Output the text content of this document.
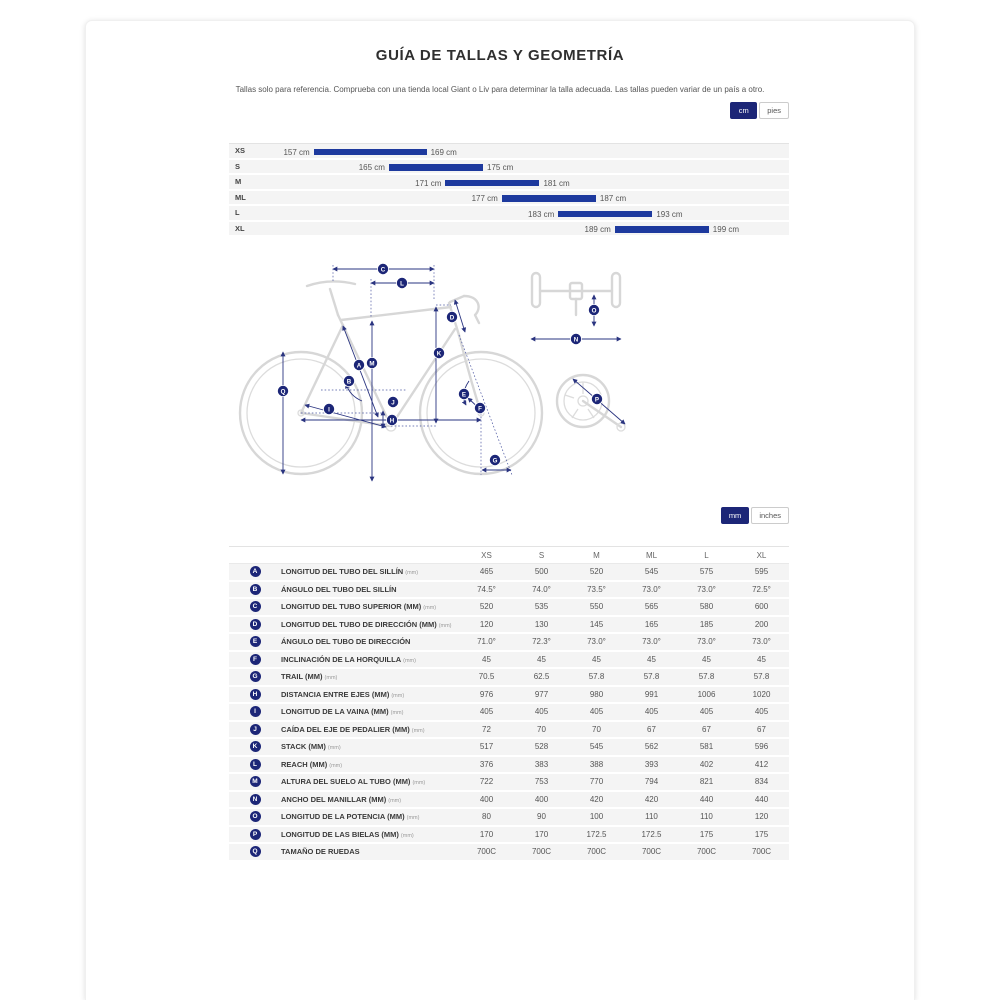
GUÍA DE TALLAS Y GEOMETRÍA
Tallas solo para referencia. Comprueba con una tienda local Giant o Liv para determinar la talla adecuada. Las tallas pueden variar de un país a otro.
cm	pies
XS	157 cm	169 cm
S	165 cm	175 cm
M	171 cm	181 cm
ML	177 cm	187 cm
L	183 cm	193 cm
XL	189 cm	199 cm
C
L
D
K
A M
B
Q	E
F
J
I
H
G
O
N
P
mm	inches
XS	S	M	ML	L	XL
A	LONGITUD DEL TUBO DEL SILLÍN (mm)	465	500	520	545	575	595
B	ÁNGULO DEL TUBO DEL SILLÍN	74.5°	74.0°	73.5°	73.0°	73.0°	72.5°
C	LONGITUD DEL TUBO SUPERIOR (MM) (mm)	520	535	550	565	580	600
D	LONGITUD DEL TUBO DE DIRECCIÓN (MM) (mm)	120	130	145	165	185	200
E	ÁNGULO DEL TUBO DE DIRECCIÓN	71.0°	72.3°	73.0°	73.0°	73.0°	73.0°
F	INCLINACIÓN DE LA HORQUILLA (mm)	45	45	45	45	45	45
G	TRAIL (MM) (mm)	70.5	62.5	57.8	57.8	57.8	57.8
H	DISTANCIA ENTRE EJES (MM) (mm)	976	977	980	991	1006	1020
I	LONGITUD DE LA VAINA (MM) (mm)	405	405	405	405	405	405
J	CAÍDA DEL EJE DE PEDALIER (MM) (mm)	72	70	70	67	67	67
K	STACK (MM) (mm)	517	528	545	562	581	596
L	REACH (MM) (mm)	376	383	388	393	402	412
M	ALTURA DEL SUELO AL TUBO (MM) (mm)	722	753	770	794	821	834
N	ANCHO DEL MANILLAR (MM) (mm)	400	400	420	420	440	440
O	LONGITUD DE LA POTENCIA (MM) (mm)	80	90	100	110	110	120
P	LONGITUD DE LAS BIELAS (MM) (mm)	170	170	172.5	172.5	175	175
Q	TAMAÑO DE RUEDAS	700C	700C	700C	700C	700C	700C
